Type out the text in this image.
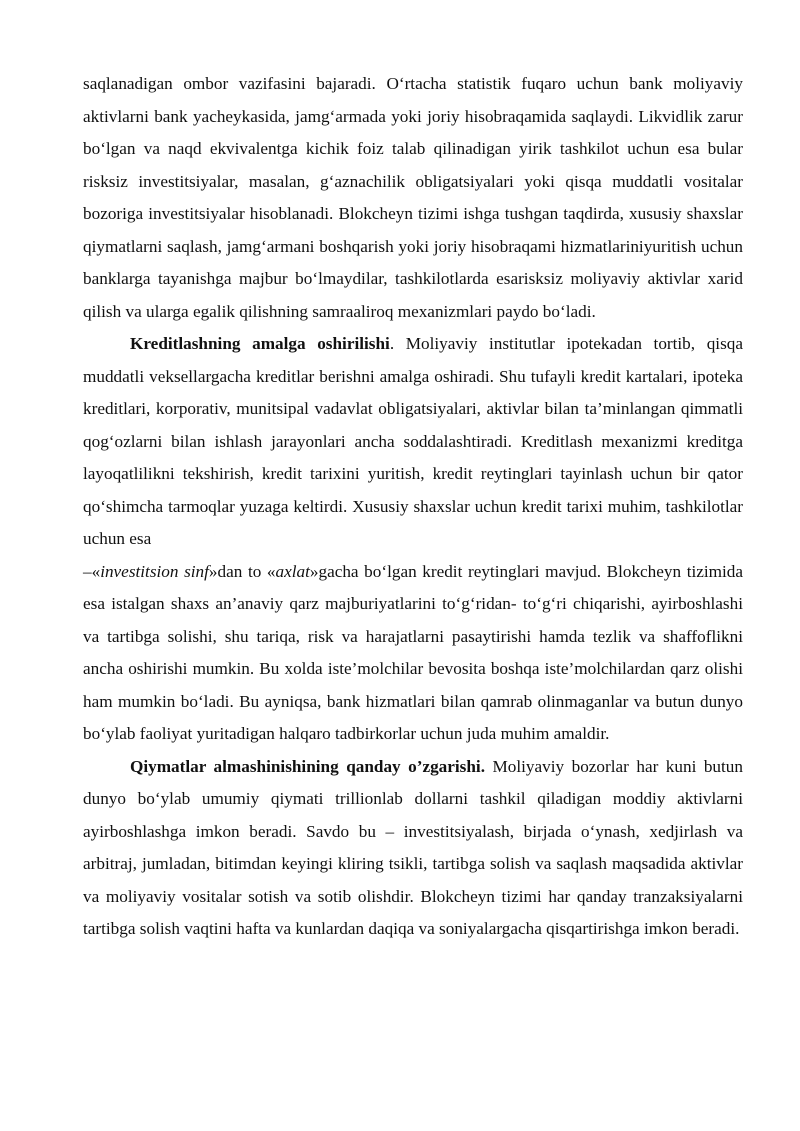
saqlanadigan ombor vazifasini bajaradi. O‘rtacha statistik fuqaro uchun bank moliyaviy aktivlarni bank yacheykasida, jamg‘armada yoki joriy hisobraqamida saqlaydi. Likvidlik zarur bo‘lgan va naqd ekvivalentga kichik foiz talab qilinadigan yirik tashkilot uchun esa bular risksiz investitsiyalar, masalan, g‘aznachilik obligatsiyalari yoki qisqa muddatli vositalar bozoriga investitsiyalar hisoblanadi. Blokcheyn tizimi ishga tushgan taqdirda, xususiy shaxslar qiymatlarni saqlash, jamg‘armani boshqarish yoki joriy hisobraqami hizmatlariniyuritish uchun banklarga tayanishga majbur bo‘lmaydilar, tashkilotlarda esarisksiz moliyaviy aktivlar xarid qilish va ularga egalik qilishning samraaliroq mexanizmlari paydo bo‘ladi.

Kreditlashning amalga oshirilishi. Moliyaviy institutlar ipotekadan tortib, qisqa muddatli veksellargacha kreditlar berishni amalga oshiradi. Shu tufayli kredit kartalari, ipoteka kreditlari, korporativ, munitsipal vadavlat obligatsiyalari, aktivlar bilan ta’minlangan qimmatli qog‘ozlarni bilan ishlash jarayonlari ancha soddalashtiradi. Kreditlash mexanizmi kreditga layoqatlilikni tekshirish, kredit tarixini yuritish, kredit reytinglari tayinlash uchun bir qator qo‘shimcha tarmoqlar yuzaga keltirdi. Xususiy shaxslar uchun kredit tarixi muhim, tashkilotlar uchun esa

–«investitsion sinf»dan to «axlat»gacha bo‘lgan kredit reytinglari mavjud. Blokcheyn tizimida esa istalgan shaxs an’anaviy qarz majburiyatlarini to‘g‘ridan- to‘g‘ri chiqarishi, ayirboshlashi va tartibga solishi, shu tariqa, risk va harajatlarni pasaytirishi hamda tezlik va shaffoflikni ancha oshirishi mumkin. Bu xolda iste’molchilar bevosita boshqa iste’molchilardan qarz olishi ham mumkin bo‘ladi. Bu ayniqsa, bank hizmatlari bilan qamrab olinmaganlar va butun dunyo bo‘ylab faoliyat yuritadigan halqaro tadbirkorlar uchun juda muhim amaldir.

Qiymatlar almashinishining qanday o’zgarishi. Moliyaviy bozorlar har kuni butun dunyo bo‘ylab umumiy qiymati trillionlab dollarni tashkil qiladigan moddiy aktivlarni ayirboshlashga imkon beradi. Savdo bu – investitsiyalash, birjada o‘ynash, xedjirlash va arbitraj, jumladan, bitimdan keyingi kliring tsikli, tartibga solish va saqlash maqsadida aktivlar va moliyaviy vositalar sotish va sotib olishdir. Blokcheyn tizimi har qanday tranzaksiyalarni tartibga solish vaqtini hafta va kunlardan daqiqa va soniyalargacha qisqartirishga imkon beradi.
